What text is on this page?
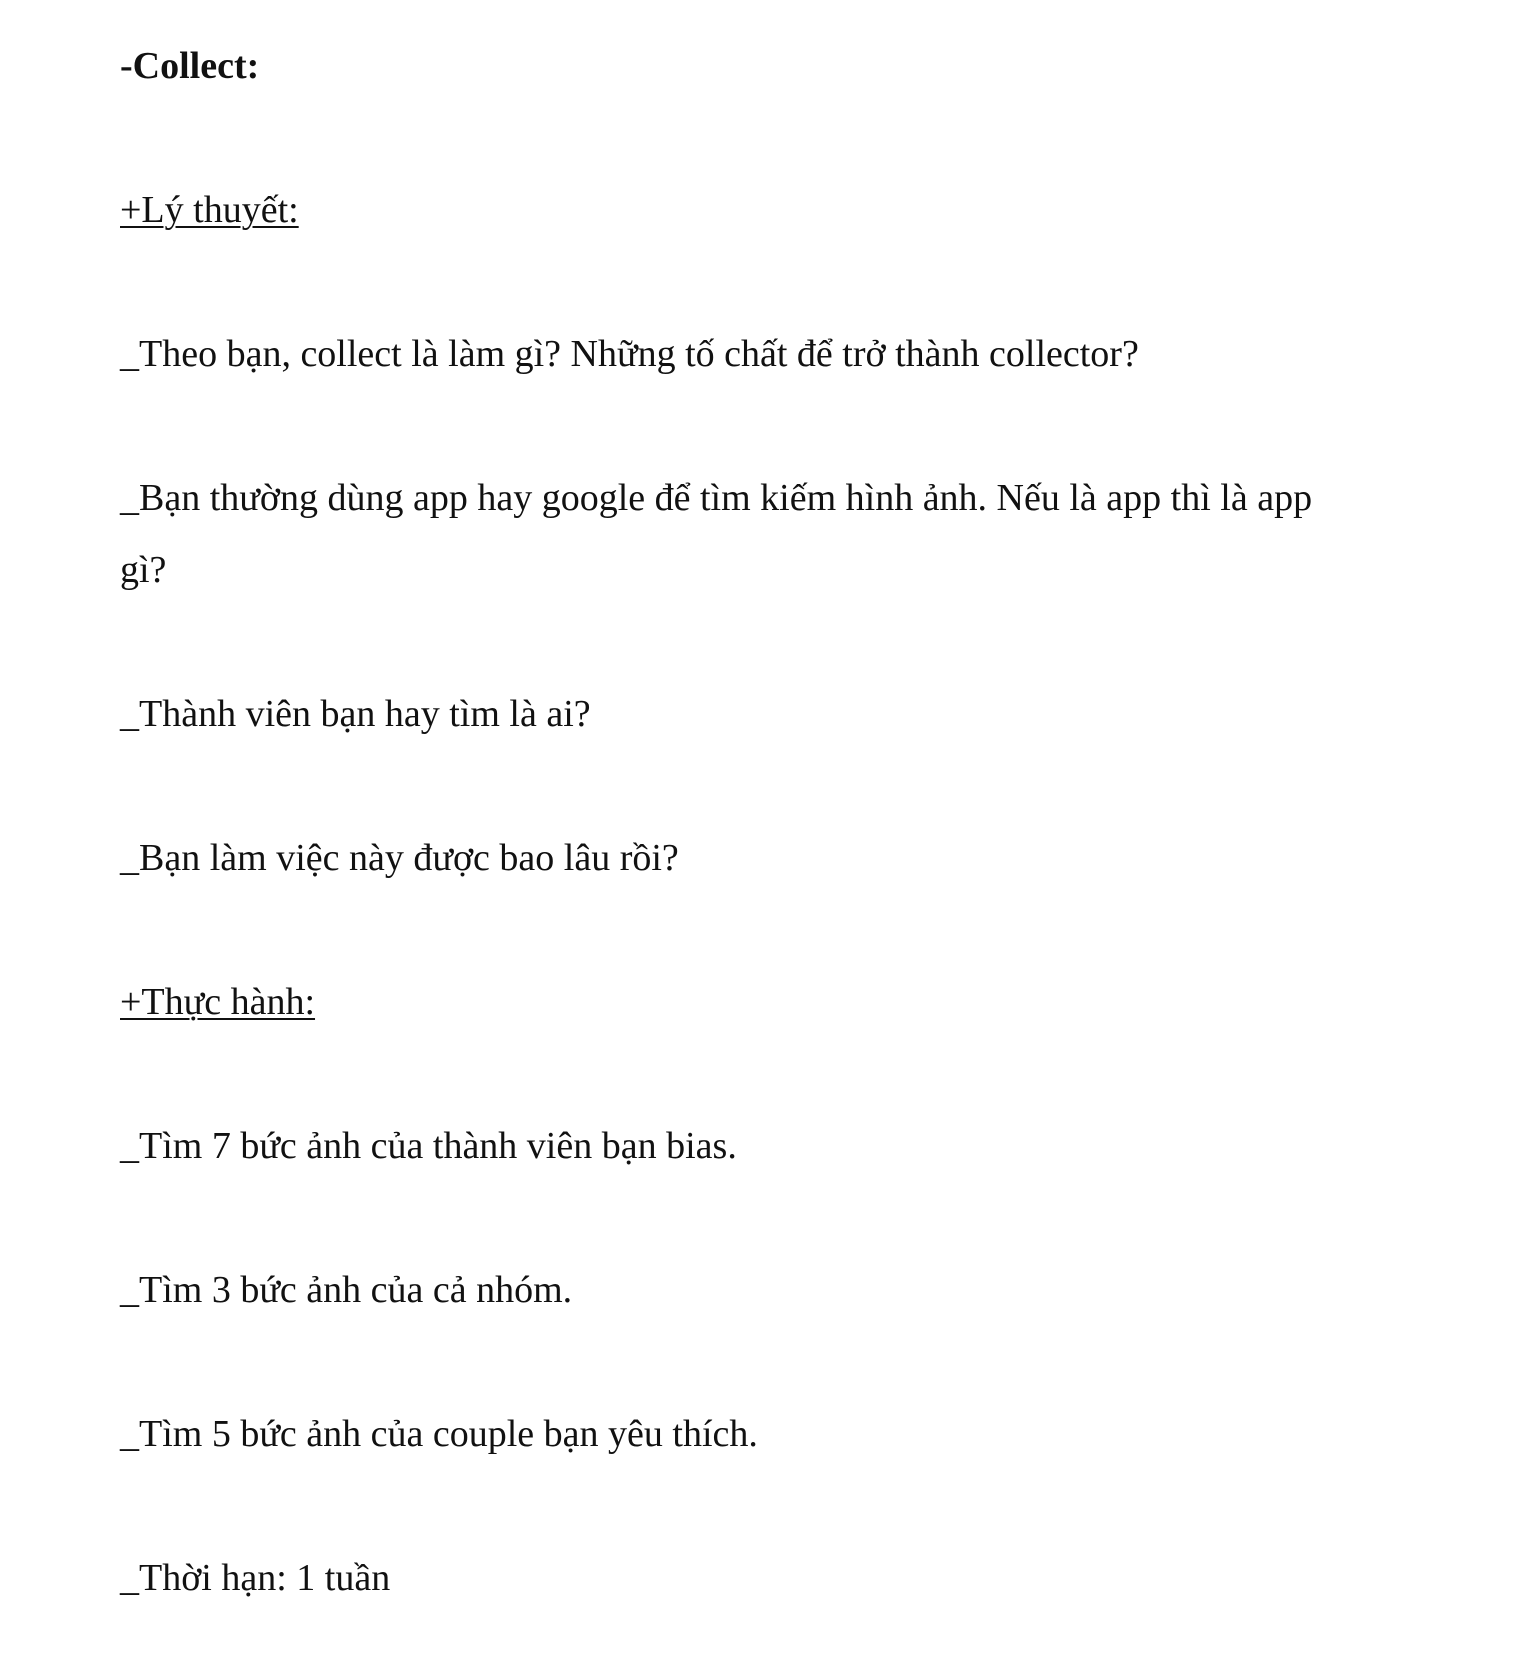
-Collect:
+Lý thuyết:
_Theo bạn, collect là làm gì? Những tố chất để trở thành collector?
_Bạn thường dùng app hay google để tìm kiếm hình ảnh. Nếu là app thì là app
gì?
_Thành viên bạn hay tìm là ai?
_Bạn làm việc này được bao lâu rồi?
+Thực hành:
_Tìm 7 bức ảnh của thành viên bạn bias.
_Tìm 3 bức ảnh của cả nhóm.
_Tìm 5 bức ảnh của couple bạn yêu thích.
_Thời hạn: 1 tuần
